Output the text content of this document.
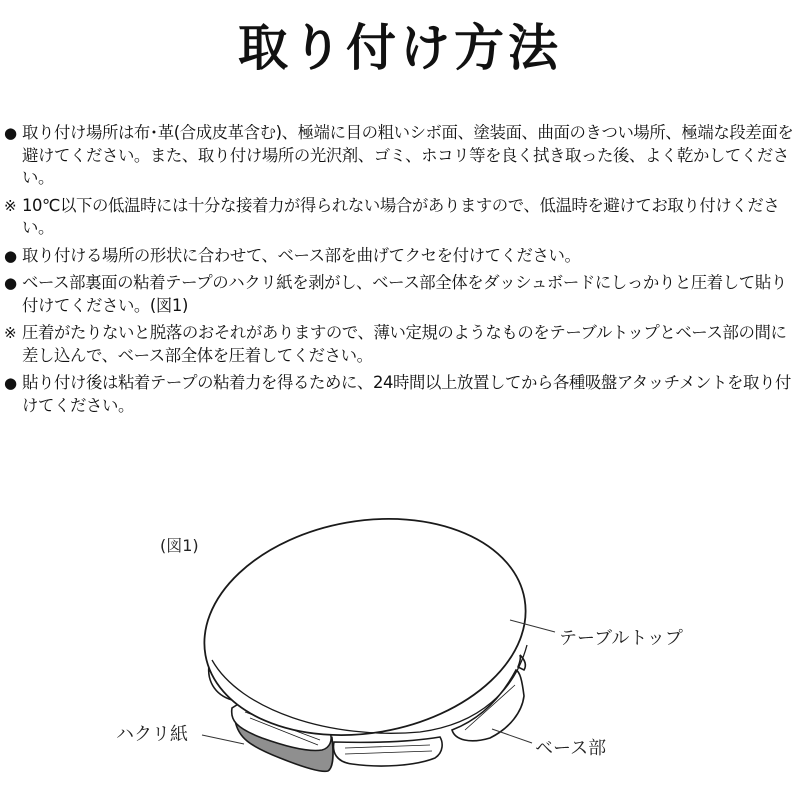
取り付け方法
● 取り付け場所は布･革(合成皮革含む)、極端に目の粗いシボ面、塗装面、曲面のきつい場所、極端な段差面を避けてください。また、取り付け場所の光沢剤、ゴミ、ホコリ等を良く拭き取った後、よく乾かしてください。
※ 10℃以下の低温時には十分な接着力が得られない場合がありますので、低温時を避けてお取り付けください。
● 取り付ける場所の形状に合わせて、ベース部を曲げてクセを付けてください。
● ベース部裏面の粘着テープのハクリ紙を剥がし、ベース部全体をダッシュボードにしっかりと圧着して貼り付けてください。(図1)
※ 圧着がたりないと脱落のおそれがありますので、薄い定規のようなものをテーブルトップとベース部の間に差し込んで、ベース部全体を圧着してください。
● 貼り付け後は粘着テープの粘着力を得るために、24時間以上放置してから各種吸盤アタッチメントを取り付けてください。
(図1)
テーブルトップ
ベース部
ハクリ紙
